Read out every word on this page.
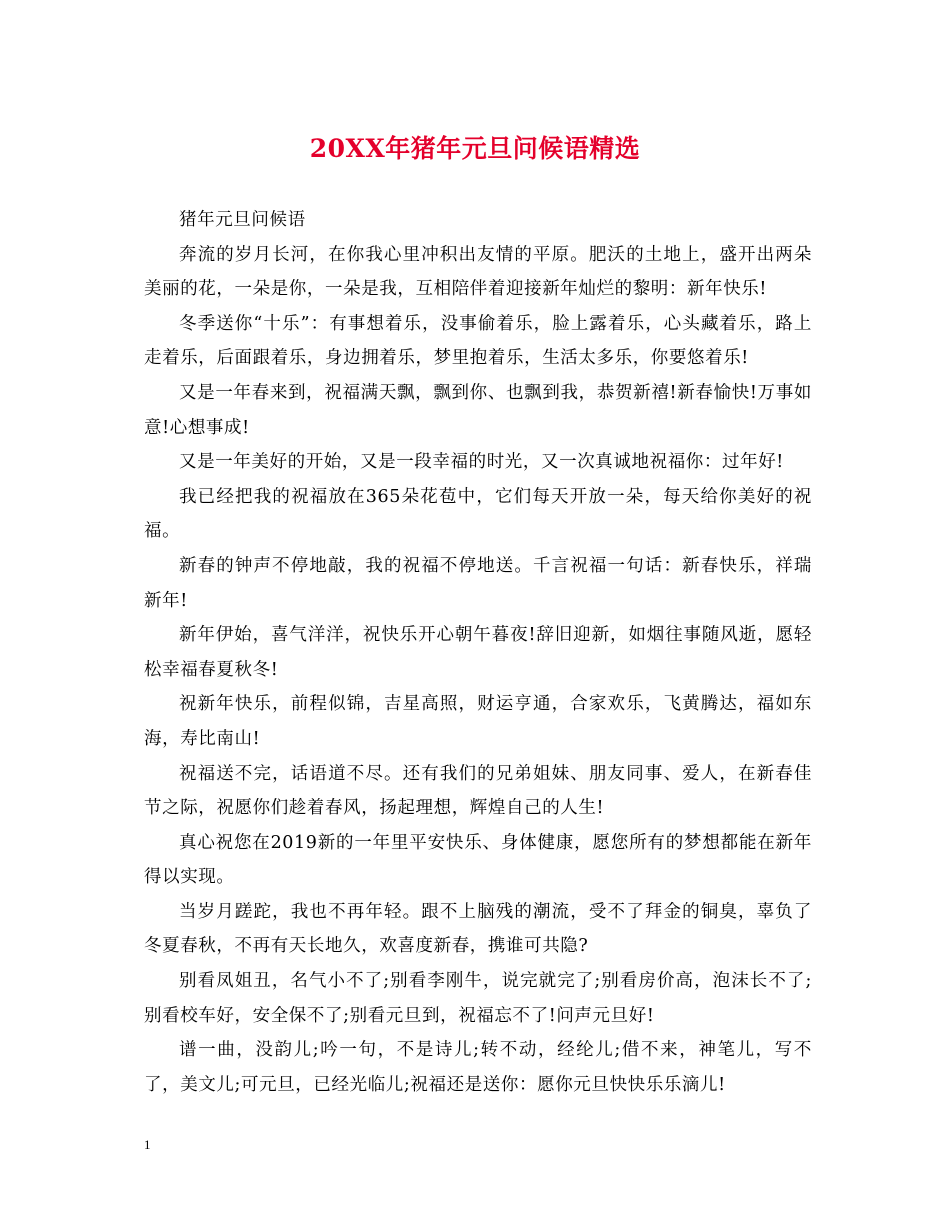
20XX年猪年元旦问候语精选

猪年元旦问候语

奔流的岁月长河，在你我心里冲积出友情的平原。肥沃的土地上，盛开出两朵美丽的花，一朵是你，一朵是我，互相陪伴着迎接新年灿烂的黎明：新年快乐!

冬季送你“十乐”：有事想着乐，没事偷着乐，脸上露着乐，心头藏着乐，路上走着乐，后面跟着乐，身边拥着乐，梦里抱着乐，生活太多乐，你要悠着乐!

又是一年春来到，祝福满天飘，飘到你、也飘到我，恭贺新禧!新春愉快!万事如意!心想事成!

又是一年美好的开始，又是一段幸福的时光，又一次真诚地祝福你：过年好!

我已经把我的祝福放在365朵花苞中，它们每天开放一朵，每天给你美好的祝福。

新春的钟声不停地敲，我的祝福不停地送。千言祝福一句话：新春快乐，祥瑞新年!

新年伊始，喜气洋洋，祝快乐开心朝午暮夜!辞旧迎新，如烟往事随风逝，愿轻松幸福春夏秋冬!

祝新年快乐，前程似锦，吉星高照，财运亨通，合家欢乐，飞黄腾达，福如东海，寿比南山!

祝福送不完，话语道不尽。还有我们的兄弟姐妹、朋友同事、爱人，在新春佳节之际，祝愿你们趁着春风，扬起理想，辉煌自己的人生!

真心祝您在2019新的一年里平安快乐、身体健康，愿您所有的梦想都能在新年得以实现。

当岁月蹉跎，我也不再年轻。跟不上脑残的潮流，受不了拜金的铜臭，辜负了冬夏春秋，不再有天长地久，欢喜度新春，携谁可共隐?

别看凤姐丑，名气小不了;别看李刚牛，说完就完了;别看房价高，泡沫长不了;别看校车好，安全保不了;别看元旦到，祝福忘不了!问声元旦好!

谱一曲，没韵儿;吟一句，不是诗儿;转不动，经纶儿;借不来，神笔儿，写不了，美文儿;可元旦，已经光临儿;祝福还是送你：愿你元旦快快乐乐滴儿!

1
